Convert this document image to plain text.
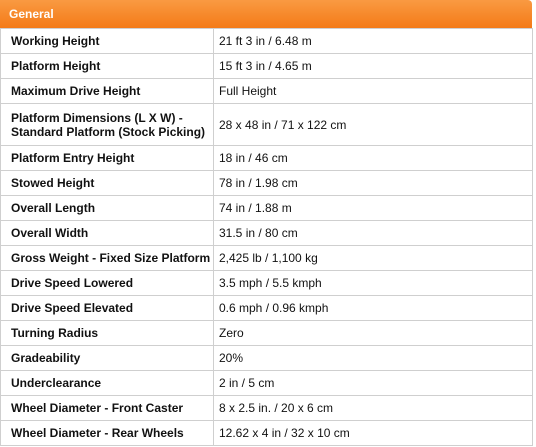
General
Working Height	21 ft 3 in / 6.48 m
Platform Height	15 ft 3 in / 4.65 m
Maximum Drive Height	Full Height
Platform Dimensions (L X W) - Standard Platform (Stock Picking)	28 x 48 in / 71 x 122 cm
Platform Entry Height	18 in / 46 cm
Stowed Height	78 in / 1.98 cm
Overall Length	74 in / 1.88 m
Overall Width	31.5 in / 80 cm
Gross Weight - Fixed Size Platform	2,425 lb / 1,100 kg
Drive Speed Lowered	3.5 mph / 5.5 kmph
Drive Speed Elevated	0.6 mph / 0.96 kmph
Turning Radius	Zero
Gradeability	20%
Underclearance	2 in / 5 cm
Wheel Diameter - Front Caster	8 x 2.5 in. / 20 x 6 cm
Wheel Diameter - Rear Wheels	12.62 x 4 in / 32 x 10 cm
